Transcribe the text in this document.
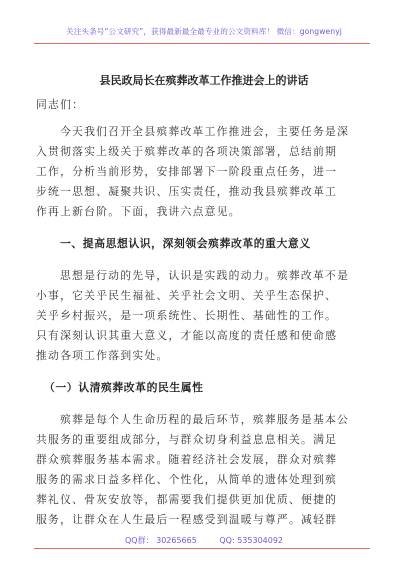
关注头条号“公文研究”，获得最新最全最专业的公文资料库！ 微信：gongwenyj
县民政局长在殡葬改革工作推进会上的讲话
同志们：
今天我们召开全县殡葬改革工作推进会，主要任务是深
入贯彻落实上级关于殡葬改革的各项决策部署，总结前期
工作，分析当前形势，安排部署下一阶段重点任务，进一
步统一思想、凝聚共识、压实责任，推动我县殡葬改革工
作再上新台阶。下面，我讲六点意见。
一、提高思想认识，深刻领会殡葬改革的重大意义
思想是行动的先导，认识是实践的动力。殡葬改革不是
小事，它关乎民生福祉、关乎社会文明、关乎生态保护、
关乎乡村振兴，是一项系统性、长期性、基础性的工作。
只有深刻认识其重大意义，才能以高度的责任感和使命感
推动各项工作落到实处。
（一）认清殡葬改革的民生属性
殡葬是每个人生命历程的最后环节，殡葬服务是基本公
共服务的重要组成部分，与群众切身利益息息相关。满足
群众殡葬服务基本需求。随着经济社会发展，群众对殡葬
服务的需求日益多样化、个性化，从简单的遗体处理到殡
葬礼仪、骨灰安放等，都需要我们提供更加优质、便捷的
服务，让群众在人生最后一程感受到温暖与尊严。减轻群
QQ群： 30265665	QQ: 535304092
